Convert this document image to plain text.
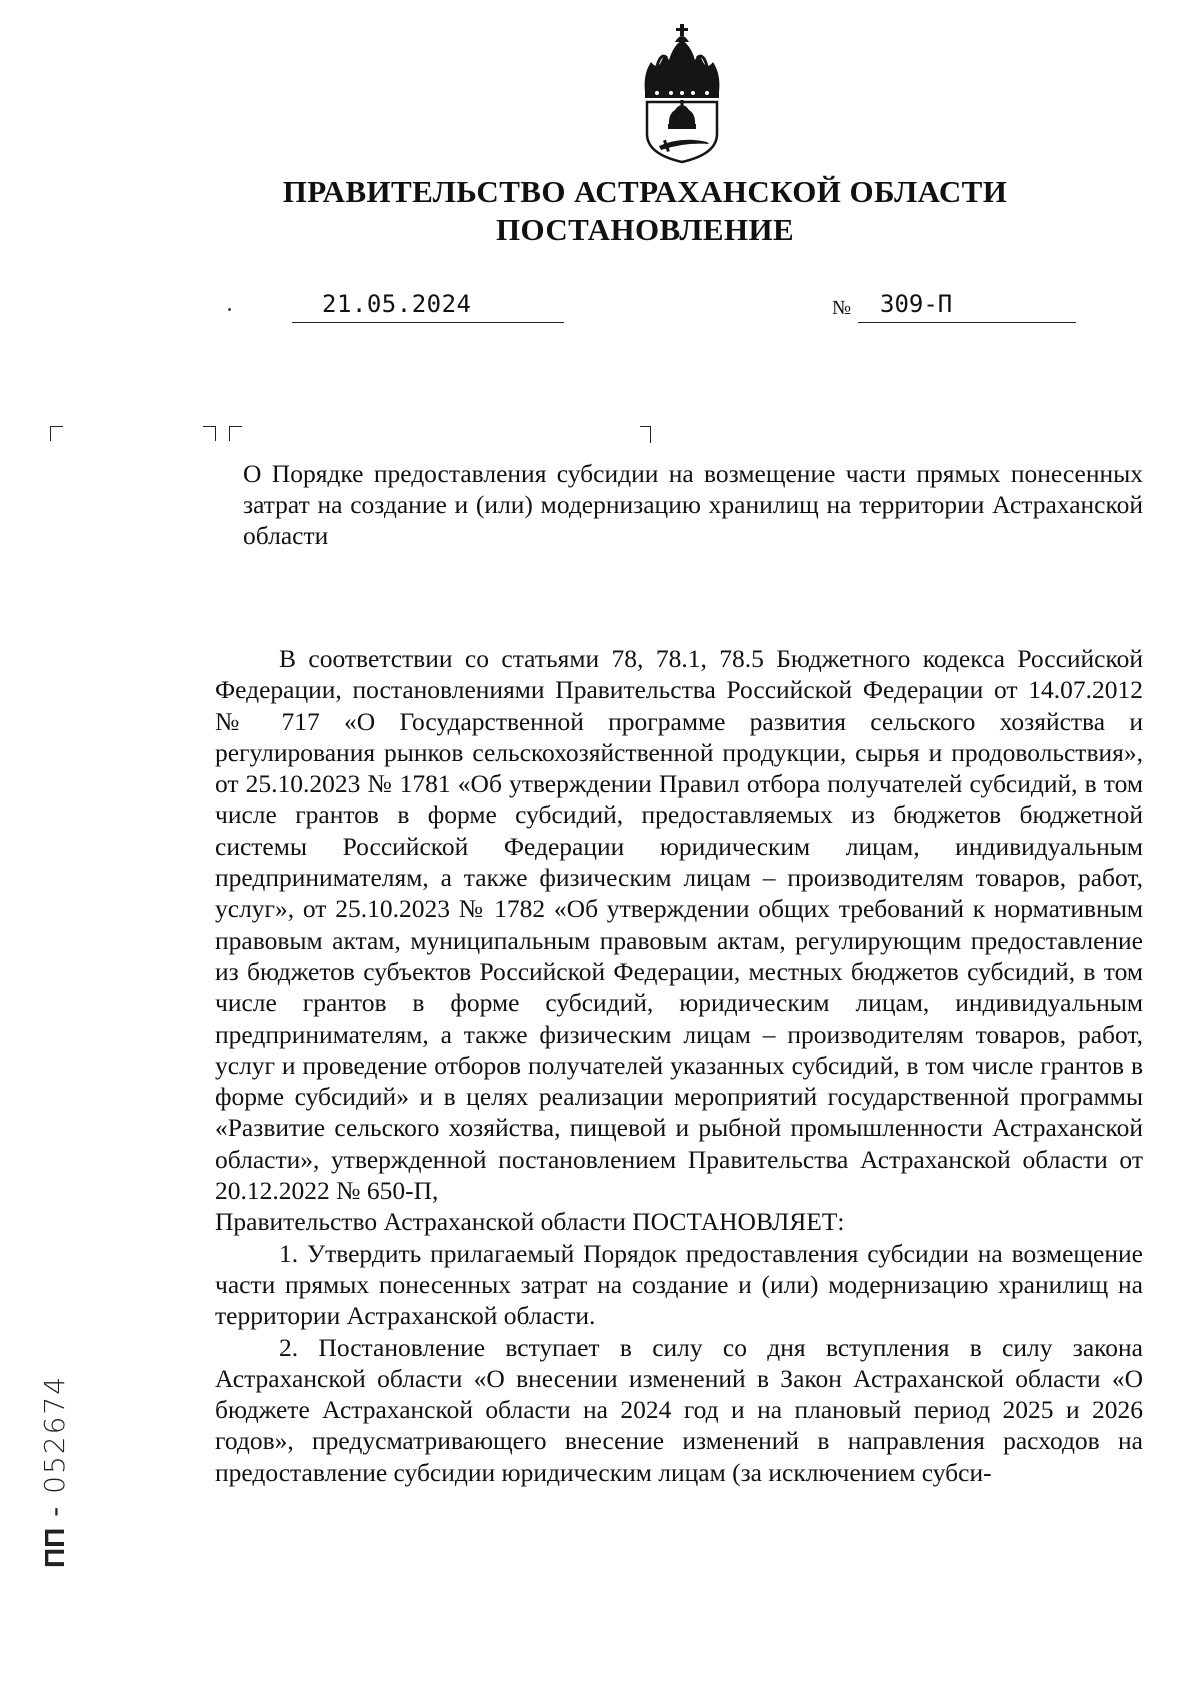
ПРАВИТЕЛЬСТВО АСТРАХАНСКОЙ ОБЛАСТИ
ПОСТАНОВЛЕНИЕ
21.05.2024	№ 309-П

О Порядке предоставления субсидии на возмещение части прямых понесенных затрат на создание и (или) модернизацию хранилищ на территории Астраханской области

В соответствии со статьями 78, 78.1, 78.5 Бюджетного кодекса Российской Федерации, постановлениями Правительства Российской Федерации от 14.07.2012 № 717 «О Государственной программе развития сельского хозяйства и регулирования рынков сельскохозяйственной продукции, сырья и продовольствия», от 25.10.2023 № 1781 «Об утверждении Правил отбора получателей субсидий, в том числе грантов в форме субсидий, предоставляемых из бюджетов бюджетной системы Российской Федерации юридическим лицам, индивидуальным предпринимателям, а также физическим лицам – производителям товаров, работ, услуг», от 25.10.2023 № 1782 «Об утверждении общих требований к нормативным правовым актам, муниципальным правовым актам, регулирующим предоставление из бюджетов субъектов Российской Федерации, местных бюджетов субсидий, в том числе грантов в форме субсидий, юридическим лицам, индивидуальным предпринимателям, а также физическим лицам – производителям товаров, работ, услуг и проведение отборов получателей указанных субсидий, в том числе грантов в форме субсидий» и в целях реализации мероприятий государственной программы «Развитие сельского хозяйства, пищевой и рыбной промышленности Астраханской области», утвержденной постановлением Правительства Астраханской области от 20.12.2022 № 650-П,

Правительство Астраханской области ПОСТАНОВЛЯЕТ:

1. Утвердить прилагаемый Порядок предоставления субсидии на возмещение части прямых понесенных затрат на создание и (или) модернизацию хранилищ на территории Астраханской области.

2. Постановление вступает в силу со дня вступления в силу закона Астраханской области «О внесении изменений в Закон Астраханской области «О бюджете Астраханской области на 2024 год и на плановый период 2025 и 2026 годов», предусматривающего внесение изменений в направления расходов на предоставление субсидии юридическим лицам (за исключением субси-

ПП - 052674
